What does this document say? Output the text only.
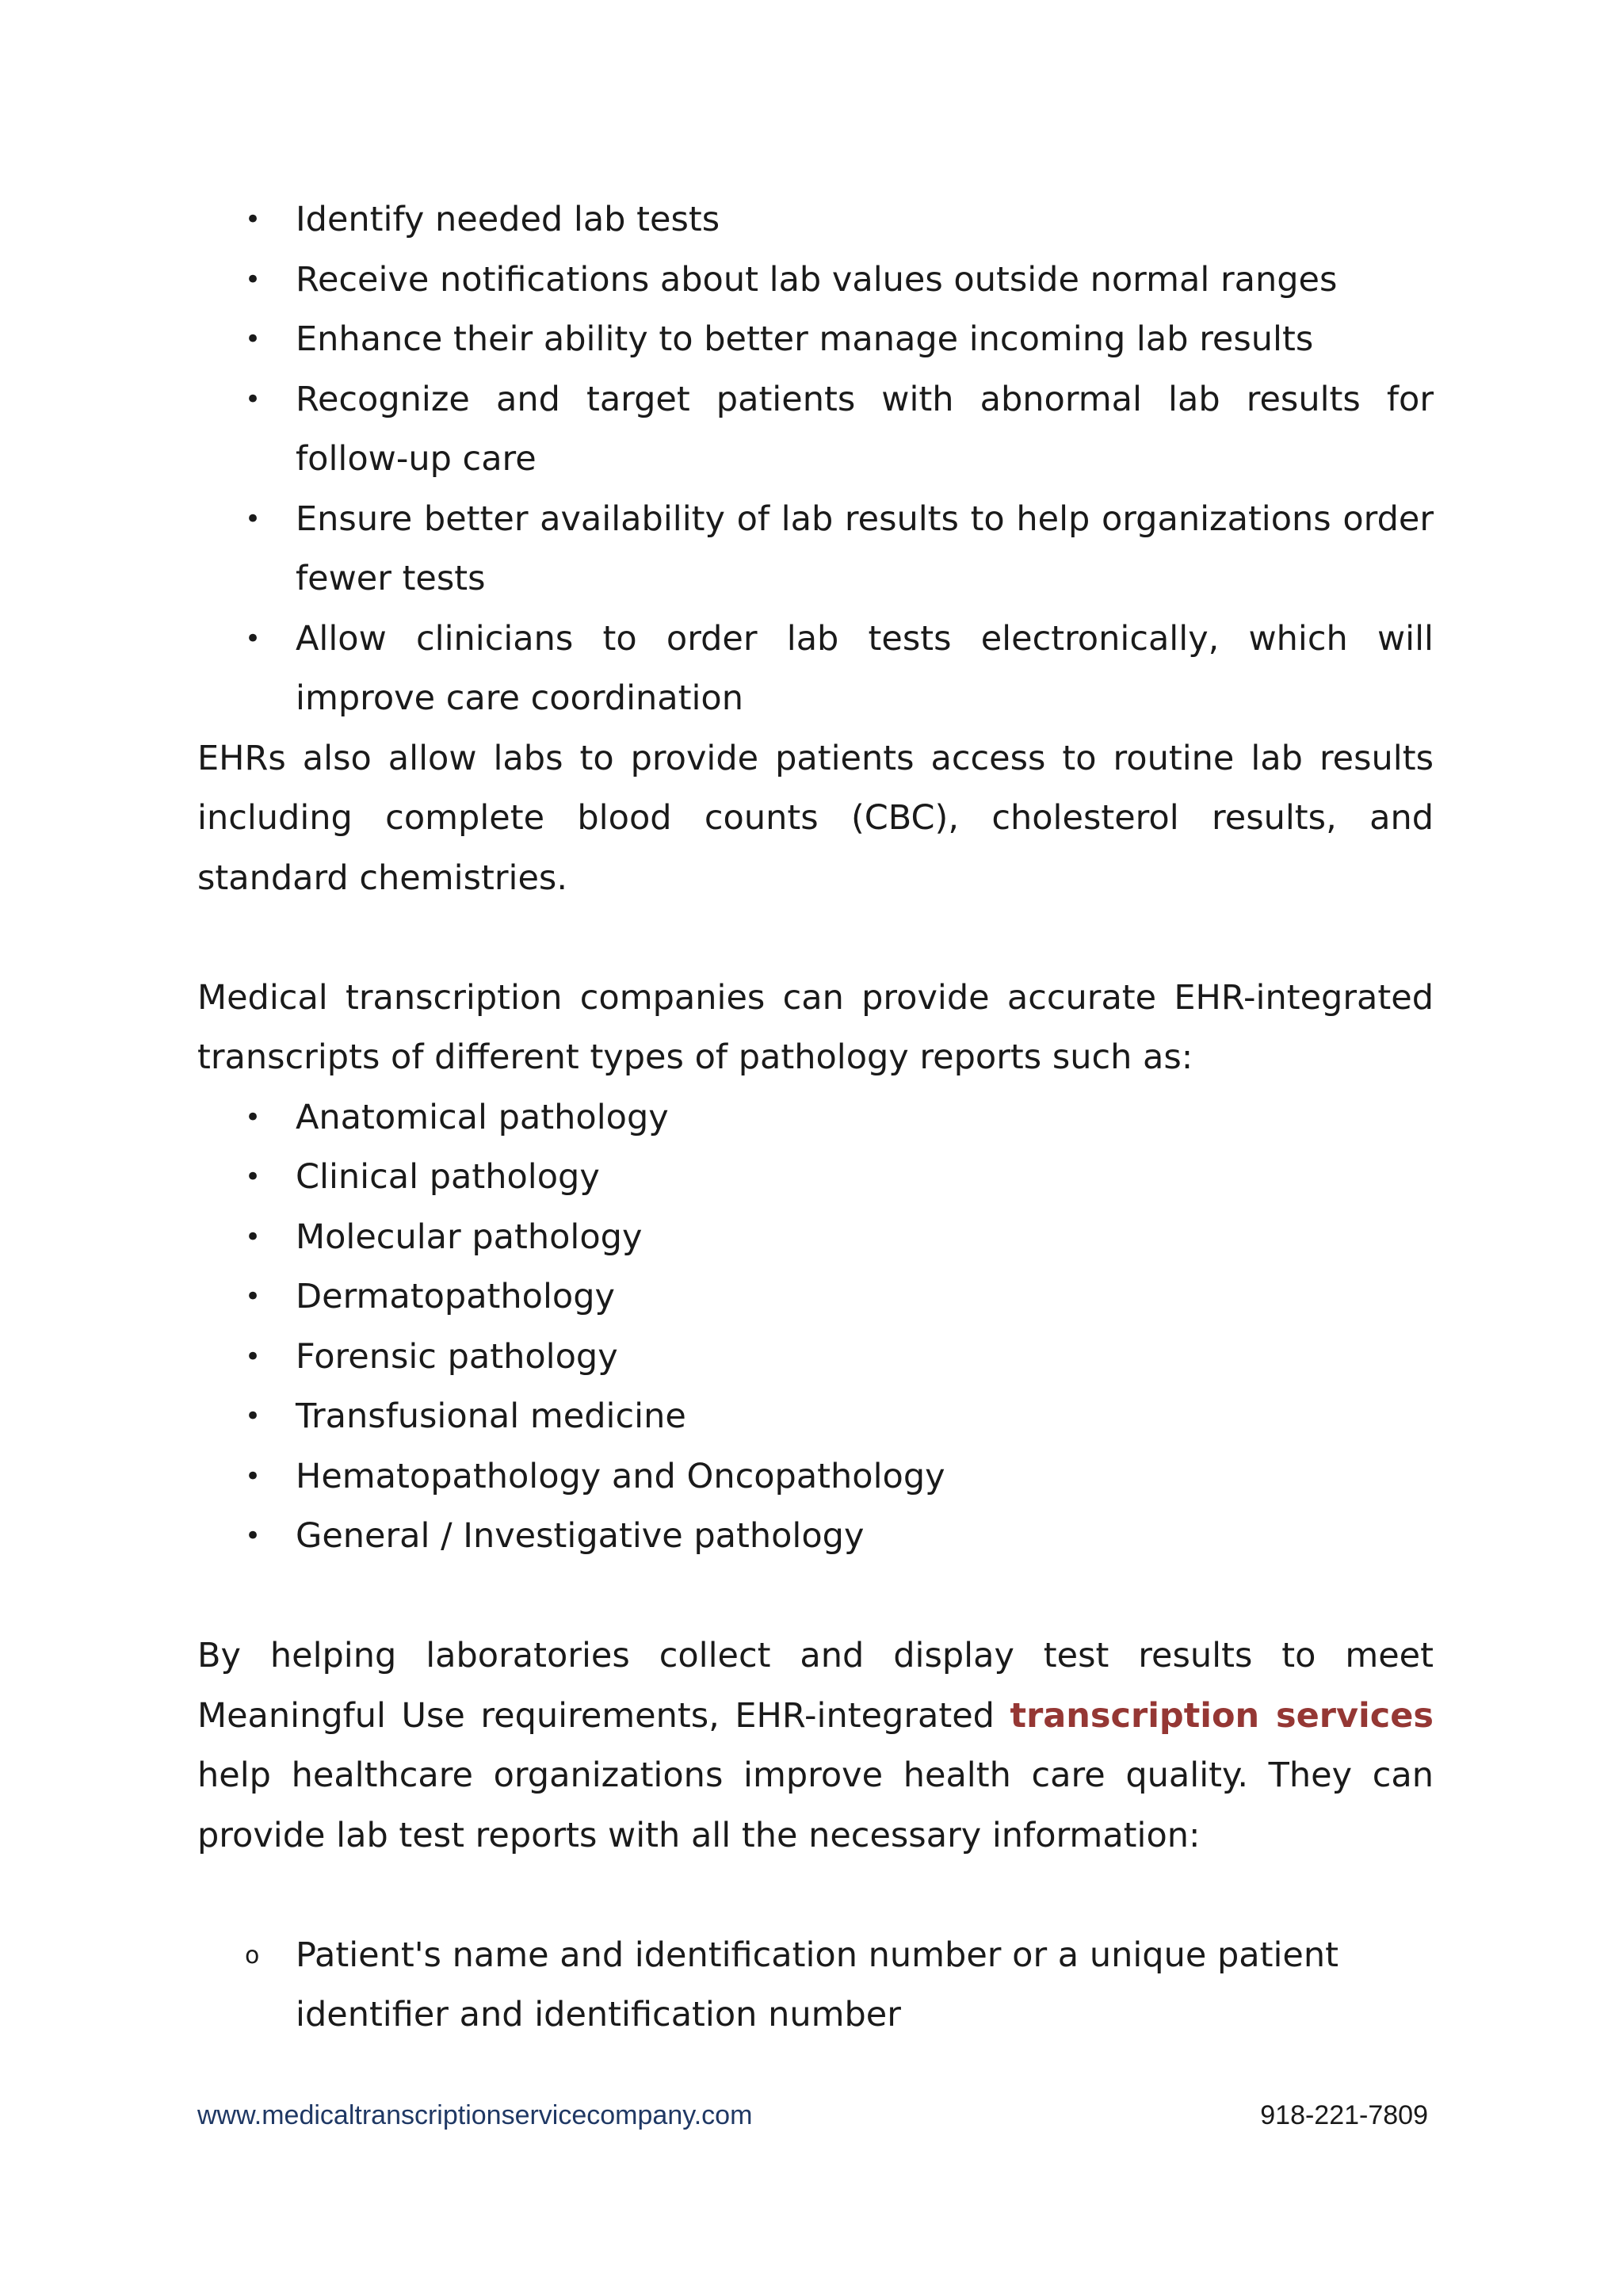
•	Identify needed lab tests
•	Receive notifications about lab values outside normal ranges
•	Enhance their ability to better manage incoming lab results
•	Recognize and target patients with abnormal lab results for follow-up care
•	Ensure better availability of lab results to help organizations order fewer tests
•	Allow clinicians to order lab tests electronically, which will improve care coordination

EHRs also allow labs to provide patients access to routine lab results including complete blood counts (CBC), cholesterol results, and standard chemistries.

Medical transcription companies can provide accurate EHR-integrated transcripts of different types of pathology reports such as:

•	Anatomical pathology
•	Clinical pathology
•	Molecular pathology
•	Dermatopathology
•	Forensic pathology
•	Transfusional medicine
•	Hematopathology and Oncopathology
•	General / Investigative pathology

By helping laboratories collect and display test results to meet Meaningful Use requirements, EHR-integrated transcription services help healthcare organizations improve health care quality. They can provide lab test reports with all the necessary information:

o	Patient's name and identification number or a unique patient identifier and identification number
www.medicaltranscriptionservicecompany.com	918-221-7809
